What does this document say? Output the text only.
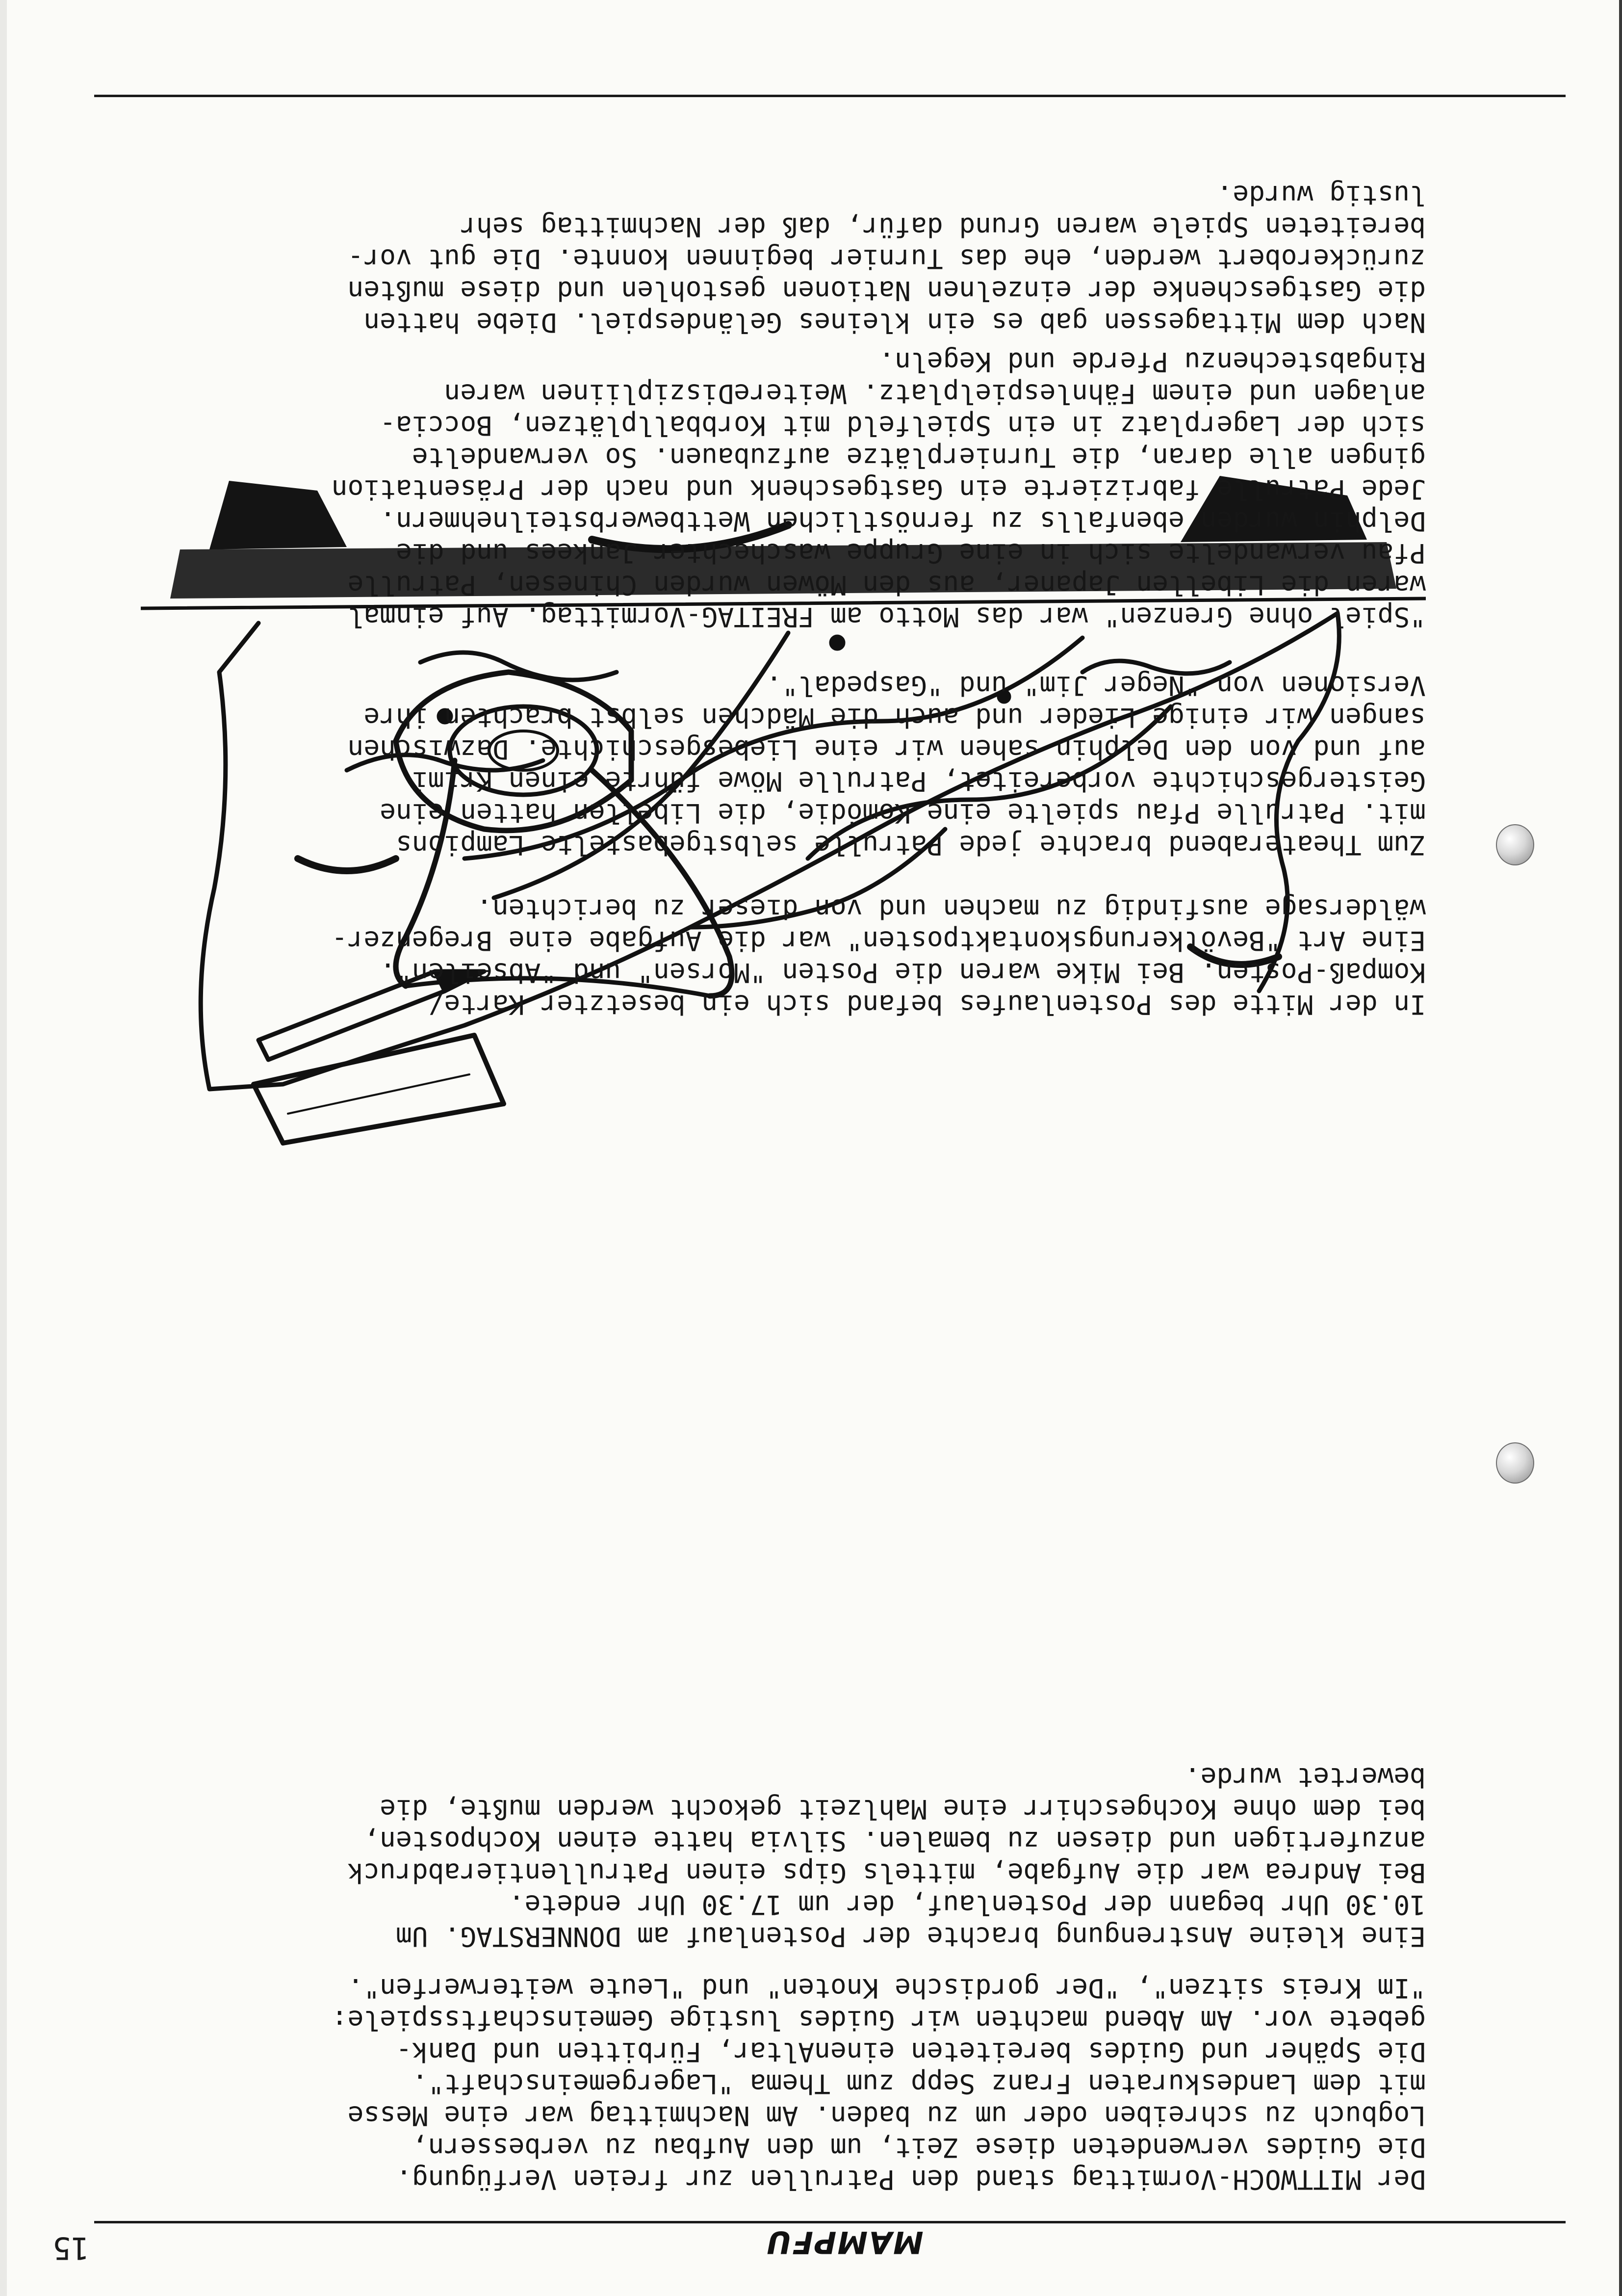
MAMPFU
15
Der MITTWOCH-Vormittag stand den Patrullen zur freien Verfügung.
Die Guides verwendeten diese Zeit, um den Aufbau zu verbessern,
Logbuch zu schreiben oder um zu baden. Am Nachmittag war eine Messe
mit dem Landeskuraten Franz Sepp zum Thema "Lagergemeinschaft".
Die Späher und Guides bereiteten einenAltar, Fürbitten und Dank-
gebete vor. Am Abend machten wir Guides lustige Gemeinschaftsspiele:
"Im Kreis sitzen", "Der gordische Knoten" und "Leute weiterwerfen".
Eine kleine Anstrengung brachte der Postenlauf am DONNERSTAG. Um
10.30 Uhr begann der Postenlauf, der um 17.30 Uhr endete.
Bei Andrea war die Aufgabe, mittels Gips einen Patrullentierabdruck
anzufertigen und diesen zu bemalen. Silvia hatte einen Kochposten,
bei dem ohne Kochgeschirr eine Mahlzeit gekocht werden mußte, die
bewertet wurde.
In der Mitte des Postenlaufes befand sich ein besetzter Karte/
Kompaß-Posten. Bei Mike waren die Posten "Morsen" und "Abseilen".
Eine Art "Bevölkerungskontaktposten" war die Aufgabe eine Bregenzer-
wäldersage ausfindig zu machen und von dieser zu berichten.
Zum Theaterabend brachte jede Patrulle selbstgebastelte Lampions
mit. Patrulle Pfau spielte eine Komödie, die Libellen hatten eine
Geistergeschichte vorbereitet, Patrulle Möwe führte einen Krimi
auf und von den Delphin sahen wir eine Liebesgeschichte. Dazwischen
sangen wir einige Lieder und auch die Mädchen selbst brachten ihre
Versionen von "Neger Jim" und "Gaspedal".
"Spiel ohne Grenzen" war das Motto am FREITAG-Vormittag. Auf einmal
waren die Libellen Japaner, aus den Möwen wurden Chinesen, Patrulle
Pfau verwandelte sich in eine Gruppe waschechter Jankees und die
Delphin wurden ebenfalls zu fernöstlichen Wettbewerbsteilnehmern.
Jede Patrulle fabrizierte ein Gastgeschenk und nach der Präsentation
gingen alle daran, die Turnierplätze aufzubauen. So verwandelte
sich der Lagerplatz in ein Spielfeld mit Korbballplätzen, Boccia-
anlagen und einem Fähnlespielplatz. WeitereDiszipliinen waren
Ringabstechenzu Pferde und Kegeln.
Nach dem Mittagessen gab es ein kleines Geländespiel. Diebe hatten
die Gastgeschenke der einzelnen Nationen gestohlen und diese mußten
zurückerobert werden, ehe das Turnier beginnen konnte. Die gut vor-
bereiteten Spiele waren Grund dafür, daß der Nachmittag sehr
lustig wurde.
